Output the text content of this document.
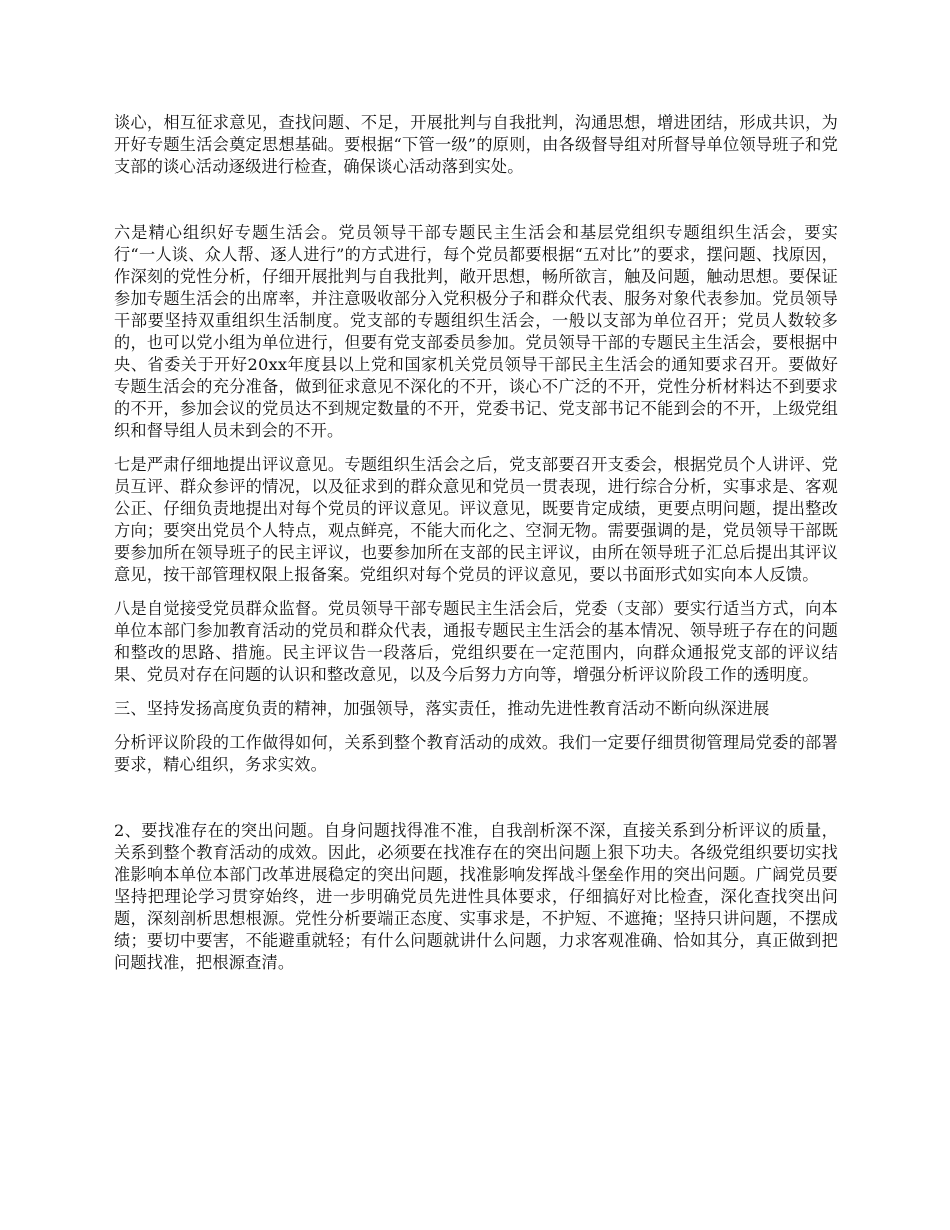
谈心，相互征求意见，查找问题、不足，开展批判与自我批判，沟通思想，增进团结，形成共识，为开好专题生活会奠定思想基础。要根据“下管一级”的原则，由各级督导组对所督导单位领导班子和党支部的谈心活动逐级进行检查，确保谈心活动落到实处。

六是精心组织好专题生活会。党员领导干部专题民主生活会和基层党组织专题组织生活会，要实行“一人谈、众人帮、逐人进行”的方式进行，每个党员都要根据“五对比”的要求，摆问题、找原因，作深刻的党性分析，仔细开展批判与自我批判，敞开思想，畅所欲言，触及问题，触动思想。要保证参加专题生活会的出席率，并注意吸收部分入党积极分子和群众代表、服务对象代表参加。党员领导干部要坚持双重组织生活制度。党支部的专题组织生活会，一般以支部为单位召开；党员人数较多的，也可以党小组为单位进行，但要有党支部委员参加。党员领导干部的专题民主生活会，要根据中央、省委关于开好20xx年度县以上党和国家机关党员领导干部民主生活会的通知要求召开。要做好专题生活会的充分准备，做到征求意见不深化的不开，谈心不广泛的不开，党性分析材料达不到要求的不开，参加会议的党员达不到规定数量的不开，党委书记、党支部书记不能到会的不开，上级党组织和督导组人员未到会的不开。

七是严肃仔细地提出评议意见。专题组织生活会之后，党支部要召开支委会，根据党员个人讲评、党员互评、群众参评的情况，以及征求到的群众意见和党员一贯表现，进行综合分析，实事求是、客观公正、仔细负责地提出对每个党员的评议意见。评议意见，既要肯定成绩，更要点明问题，提出整改方向；要突出党员个人特点，观点鲜亮，不能大而化之、空洞无物。需要强调的是，党员领导干部既要参加所在领导班子的民主评议，也要参加所在支部的民主评议，由所在领导班子汇总后提出其评议意见，按干部管理权限上报备案。党组织对每个党员的评议意见，要以书面形式如实向本人反馈。

八是自觉接受党员群众监督。党员领导干部专题民主生活会后，党委（支部）要实行适当方式，向本单位本部门参加教育活动的党员和群众代表，通报专题民主生活会的基本情况、领导班子存在的问题和整改的思路、措施。民主评议告一段落后，党组织要在一定范围内，向群众通报党支部的评议结果、党员对存在问题的认识和整改意见，以及今后努力方向等，增强分析评议阶段工作的透明度。

三、坚持发扬高度负责的精神，加强领导，落实责任，推动先进性教育活动不断向纵深进展

分析评议阶段的工作做得如何，关系到整个教育活动的成效。我们一定要仔细贯彻管理局党委的部署要求，精心组织，务求实效。

2、要找准存在的突出问题。自身问题找得准不准，自我剖析深不深，直接关系到分析评议的质量，关系到整个教育活动的成效。因此，必须要在找准存在的突出问题上狠下功夫。各级党组织要切实找准影响本单位本部门改革进展稳定的突出问题，找准影响发挥战斗堡垒作用的突出问题。广阔党员要坚持把理论学习贯穿始终，进一步明确党员先进性具体要求，仔细搞好对比检查，深化查找突出问题，深刻剖析思想根源。党性分析要端正态度、实事求是，不护短、不遮掩；坚持只讲问题，不摆成绩；要切中要害，不能避重就轻；有什么问题就讲什么问题，力求客观准确、恰如其分，真正做到把问题找准，把根源查清。
